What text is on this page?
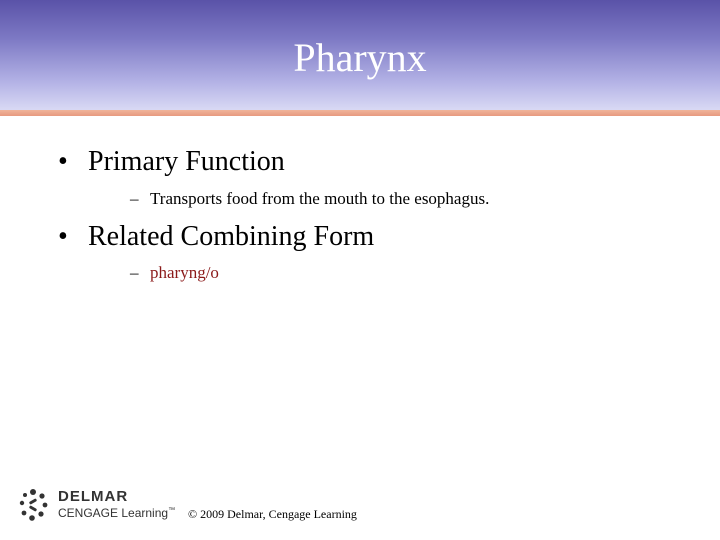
Pharynx
• Primary Function
– Transports food from the mouth to the esophagus.
• Related Combining Form
– pharyng/o
DELMAR
CENGAGE Learning™ © 2009 Delmar, Cengage Learning
